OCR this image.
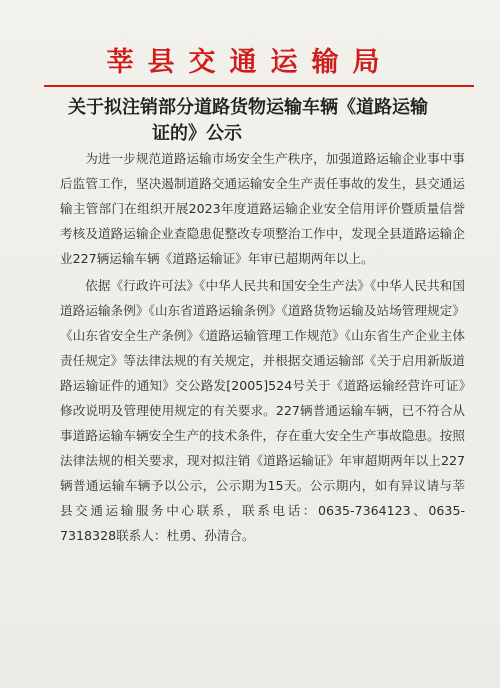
莘县交通运输局
关于拟注销部分道路货物运输车辆《道路运输
证的》公示

为进一步规范道路运输市场安全生产秩序，加强道路运输企业事中事后监管工作，坚决遏制道路交通运输安全生产责任事故的发生，县交通运输主管部门在组织开展2023年度道路运输企业安全信用评价暨质量信誉考核及道路运输企业查隐患促整改专项整治工作中，发现全县道路运输企业227辆运输车辆《道路运输证》年审已超期两年以上。

依据《行政许可法》《中华人民共和国安全生产法》《中华人民共和国道路运输条例》《山东省道路运输条例》《道路货物运输及站场管理规定》《山东省安全生产条例》《道路运输管理工作规范》《山东省生产企业主体责任规定》等法律法规的有关规定，并根据交通运输部《关于启用新版道路运输证件的通知》交公路发[2005]524号关于《道路运输经营许可证》修改说明及管理使用规定的有关要求。227辆普通运输车辆，已不符合从事道路运输车辆安全生产的技术条件，存在重大安全生产事故隐患。按照法律法规的相关要求，现对拟注销《道路运输证》年审超期两年以上227辆普通运输车辆予以公示，公示期为15天。公示期内，如有异议请与莘县交通运输服务中心联系，联系电话：0635-7364123、0635-7318328联系人：杜勇、孙清合。
